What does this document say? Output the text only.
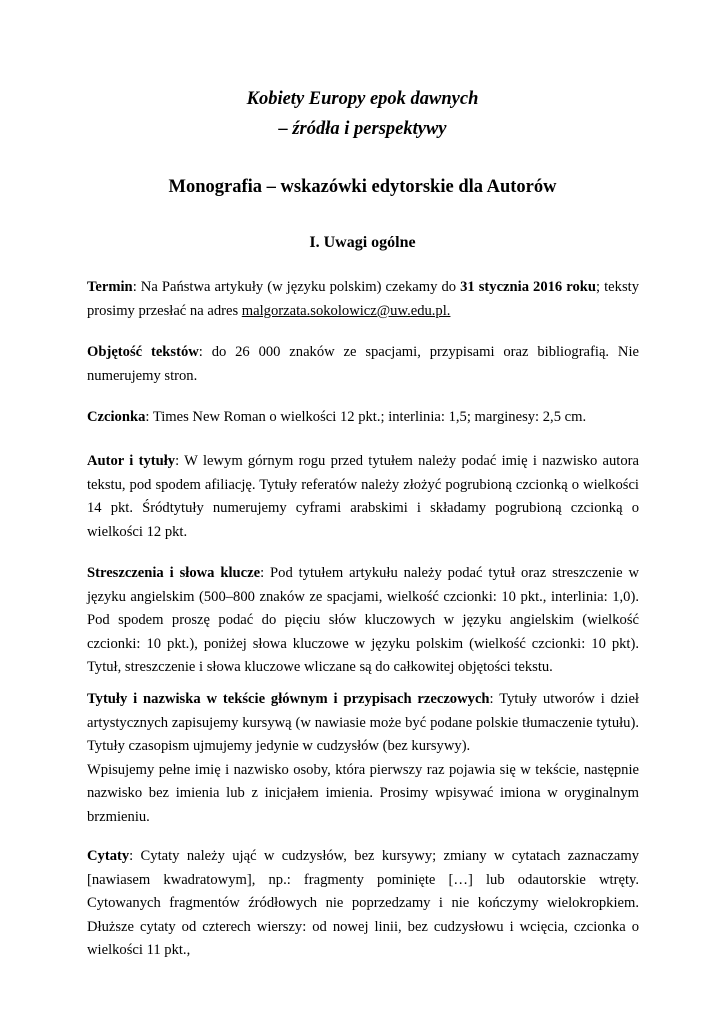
Kobiety Europy epok dawnych
– źródła i perspektywy
Monografia – wskazówki edytorskie dla Autorów
I. Uwagi ogólne
Termin: Na Państwa artykuły (w języku polskim) czekamy do 31 stycznia 2016 roku; teksty prosimy przesłać na adres malgorzata.sokolowicz@uw.edu.pl.
Objętość tekstów: do 26 000 znaków ze spacjami, przypisami oraz bibliografią. Nie numerujemy stron.
Czcionka: Times New Roman o wielkości 12 pkt.; interlinia: 1,5; marginesy: 2,5 cm.
Autor i tytuły: W lewym górnym rogu przed tytułem należy podać imię i nazwisko autora tekstu, pod spodem afiliację. Tytuły referatów należy złożyć pogrubioną czcionką o wielkości 14 pkt. Śródtytuły numerujemy cyframi arabskimi i składamy pogrubioną czcionką o wielkości 12 pkt.
Streszczenia i słowa klucze: Pod tytułem artykułu należy podać tytuł oraz streszczenie w języku angielskim (500–800 znaków ze spacjami, wielkość czcionki: 10 pkt., interlinia: 1,0). Pod spodem proszę podać do pięciu słów kluczowych w języku angielskim (wielkość czcionki: 10 pkt.), poniżej słowa kluczowe w języku polskim (wielkość czcionki: 10 pkt). Tytuł, streszczenie i słowa kluczowe wliczane są do całkowitej objętości tekstu.
Tytuły i nazwiska w tekście głównym i przypisach rzeczowych: Tytuły utworów i dzieł artystycznych zapisujemy kursywą (w nawiasie może być podane polskie tłumaczenie tytułu). Tytuły czasopism ujmujemy jedynie w cudzysłów (bez kursywy).
Wpisujemy pełne imię i nazwisko osoby, która pierwszy raz pojawia się w tekście, następnie nazwisko bez imienia lub z inicjałem imienia. Prosimy wpisywać imiona w oryginalnym brzmieniu.
Cytaty: Cytaty należy ująć w cudzysłów, bez kursywy; zmiany w cytatach zaznaczamy [nawiasem kwadratowym], np.: fragmenty pominięte […] lub odautorskie wtręty. Cytowanych fragmentów źródłowych nie poprzedzamy i nie kończymy wielokropkiem. Dłuższe cytaty od czterech wierszy: od nowej linii, bez cudzysłowu i wcięcia, czcionka o wielkości 11 pkt.,
